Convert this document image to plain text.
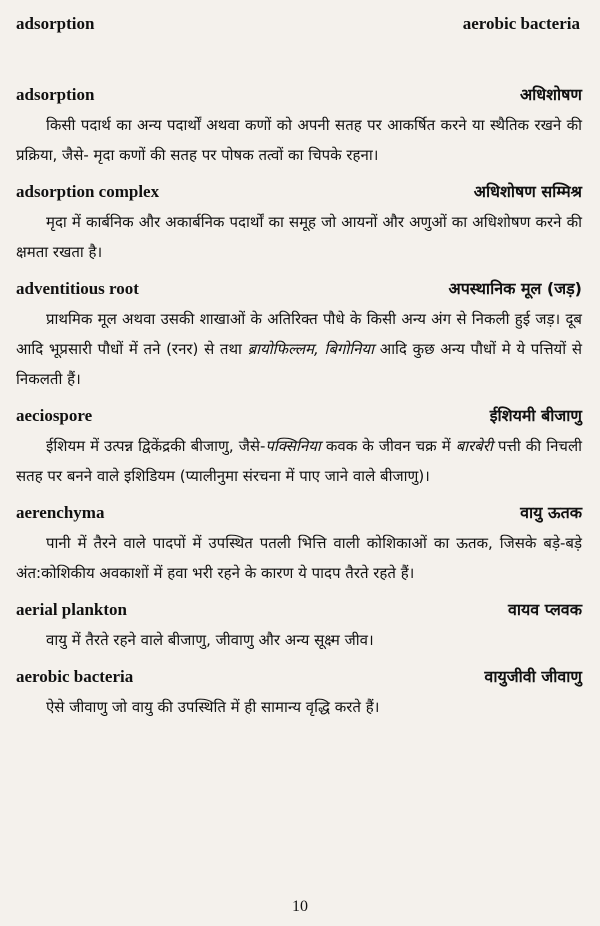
adsorption	aerobic bacteria
adsorption	अधिशोषण

किसी पदार्थ का अन्य पदार्थों अथवा कणों को अपनी सतह पर आकर्षित करने या स्थैतिक रखने की प्रक्रिया, जैसे- मृदा कणों की सतह पर पोषक तत्वों का चिपके रहना।

adsorption complex	अधिशोषण सम्मिश्र

मृदा में कार्बनिक और अकार्बनिक पदार्थों का समूह जो आयनों और अणुओं का अधिशोषण करने की क्षमता रखता है।

adventitious root	अपस्थानिक मूल (जड़)

प्राथमिक मूल अथवा उसकी शाखाओं के अतिरिक्त पौधे के किसी अन्य अंग से निकली हुई जड़। दूब आदि भूप्रसारी पौधों में तने (रनर) से तथा ब्रायोफिल्लम, बिगोनिया आदि कुछ अन्य पौधों मे ये पत्तियों से निकलती हैं।

aeciospore	ईशियमी बीजाणु

ईशियम में उत्पन्न द्विकेंद्रकी बीजाणु, जैसे-पक्सिनिया कवक के जीवन चक्र में बारबेरी पत्ती की निचली सतह पर बनने वाले इशिडियम (प्यालीनुमा संरचना में पाए जाने वाले बीजाणु)।

aerenchyma	वायु ऊतक

पानी में तैरने वाले पादपों में उपस्थित पतली भित्ति वाली कोशिकाओं का ऊतक, जिसके बड़े-बड़े अंत:कोशिकीय अवकाशों में हवा भरी रहने के कारण ये पादप तैरते रहते हैं।

aerial plankton	वायव प्लवक

वायु में तैरते रहने वाले बीजाणु, जीवाणु और अन्य सूक्ष्म जीव।

aerobic bacteria	वायुजीवी जीवाणु

ऐसे जीवाणु जो वायु की उपस्थिति में ही सामान्य वृद्धि करते हैं।

10
